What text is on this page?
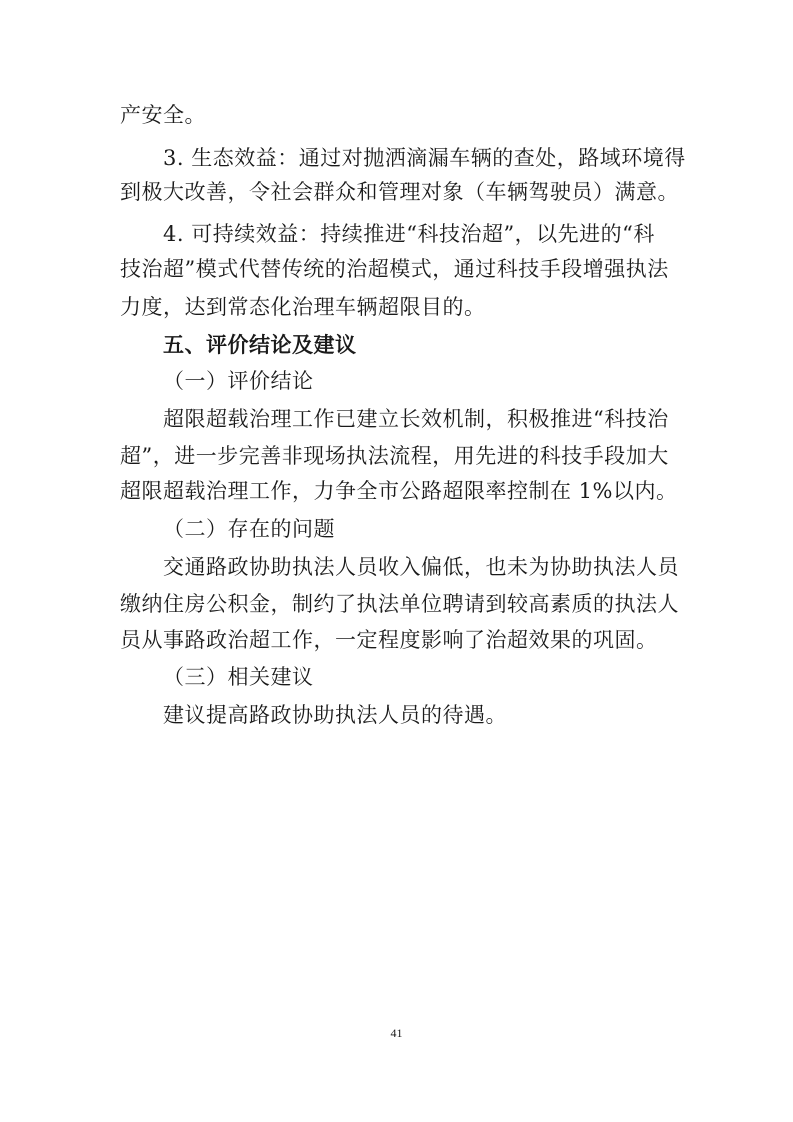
产安全。
3. 生态效益：通过对抛洒滴漏车辆的查处，路域环境得
到极大改善，令社会群众和管理对象（车辆驾驶员）满意。
4. 可持续效益：持续推进“科技治超”，以先进的“科
技治超”模式代替传统的治超模式，通过科技手段增强执法
力度，达到常态化治理车辆超限目的。
五、评价结论及建议
（一）评价结论
超限超载治理工作已建立长效机制，积极推进“科技治
超”，进一步完善非现场执法流程，用先进的科技手段加大
超限超载治理工作，力争全市公路超限率控制在 1%以内。
（二）存在的问题
交通路政协助执法人员收入偏低，也未为协助执法人员
缴纳住房公积金，制约了执法单位聘请到较高素质的执法人
员从事路政治超工作，一定程度影响了治超效果的巩固。
（三）相关建议
建议提高路政协助执法人员的待遇。
41
